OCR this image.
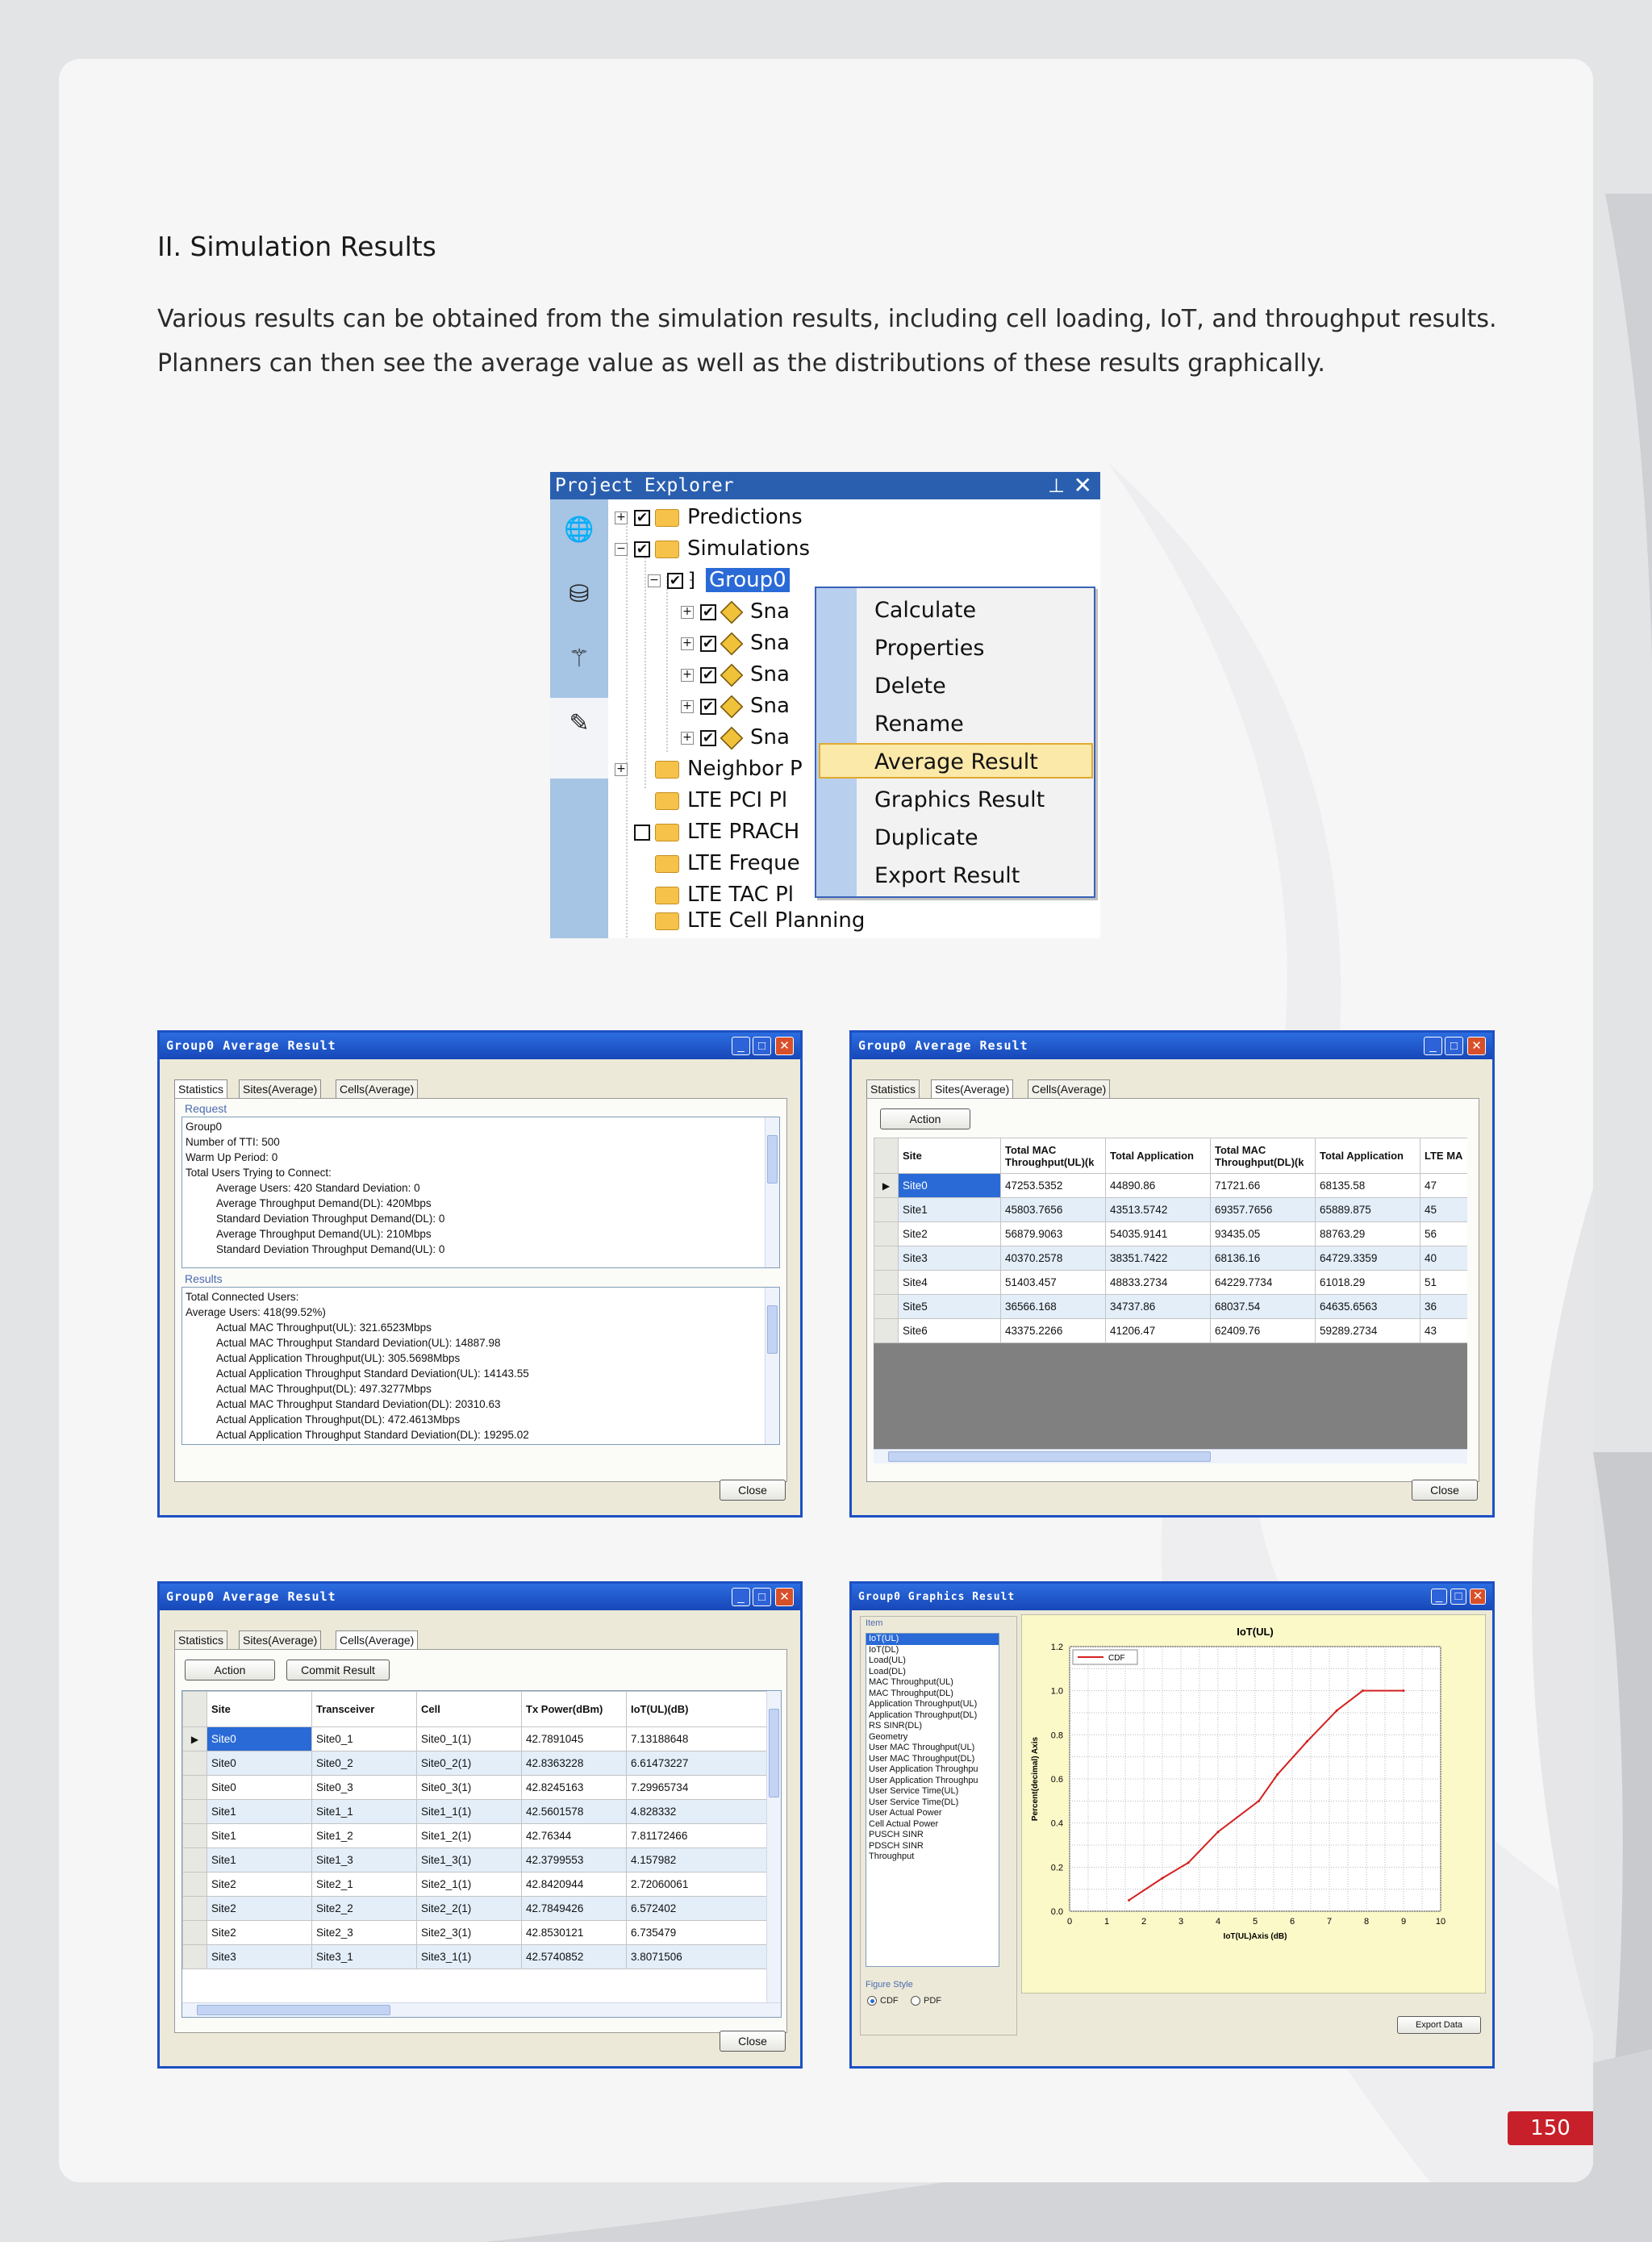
II. Simulation Results
Various results can be obtained from the simulation results, including cell loading, IoT, and throughput results. Planners can then see the average value as well as the distributions of these results graphically.
Project Explorer	⊥ ✕
🌐
⛁
⚚
✎
+ ✔ Predictions
− ✔ Simulations
− ✔ ⁆ Group0
+ ✔ Sna
+ ✔ Sna
+ ✔ Sna
+ ✔ Sna
+ ✔ Sna
+	Neighbor P
LTE PCI Pl
LTE PRACH
LTE Freque
LTE TAC Pl
LTE Cell Planning
Calculate
Properties
Delete
Rename
Average Result
Graphics Result
Duplicate
Export Result
Group0 Average Result	_	□	✕
Statistics	Sites(Average)	Cells(Average)
Request
Group0
Number of TTI: 500
Warm Up Period: 0
Total Users Trying to Connect:
Average Users: 420 Standard Deviation: 0
Average Throughput Demand(DL): 420Mbps
Standard Deviation Throughput Demand(DL): 0
Average Throughput Demand(UL): 210Mbps
Standard Deviation Throughput Demand(UL): 0
Results
Total Connected Users:
Average Users: 418(99.52%)
Actual MAC Throughput(UL): 321.6523Mbps
Actual MAC Throughput Standard Deviation(UL): 14887.98
Actual Application Throughput(UL): 305.5698Mbps
Actual Application Throughput Standard Deviation(UL): 14143.55
Actual MAC Throughput(DL): 497.3277Mbps
Actual MAC Throughput Standard Deviation(DL): 20310.63
Actual Application Throughput(DL): 472.4613Mbps
Actual Application Throughput Standard Deviation(DL): 19295.02
Close
Group0 Average Result	_	□	✕
Statistics	Sites(Average)	Cells(Average)
Action
	Site	Total MAC Throughput(UL)(k	Total Application	Total MAC Throughput(DL)(k	Total Application	LTE MA
▶	Site0	47253.5352	44890.86	71721.66	68135.58	47
	Site1	45803.7656	43513.5742	69357.7656	65889.875	45
	Site2	56879.9063	54035.9141	93435.05	88763.29	56
	Site3	40370.2578	38351.7422	68136.16	64729.3359	40
	Site4	51403.457	48833.2734	64229.7734	61018.29	51
	Site5	36566.168	34737.86	68037.54	64635.6563	36
	Site6	43375.2266	41206.47	62409.76	59289.2734	43
Close
Group0 Average Result	_	□	✕
Statistics	Sites(Average)	Cells(Average)
Action	Commit Result
	Site	Transceiver	Cell	Tx Power(dBm)	IoT(UL)(dB)
▶	Site0	Site0_1	Site0_1(1)	42.7891045	7.13188648
	Site0	Site0_2	Site0_2(1)	42.8363228	6.61473227
	Site0	Site0_3	Site0_3(1)	42.8245163	7.29965734
	Site1	Site1_1	Site1_1(1)	42.5601578	4.828332
	Site1	Site1_2	Site1_2(1)	42.76344	7.81172466
	Site1	Site1_3	Site1_3(1)	42.3799553	4.157982
	Site2	Site2_1	Site2_1(1)	42.8420944	2.72060061
	Site2	Site2_2	Site2_2(1)	42.7849426	6.572402
	Site2	Site2_3	Site2_3(1)	42.8530121	6.735479
	Site3	Site3_1	Site3_1(1)	42.5740852	3.8071506
Close
Group0 Graphics Result	_	□ ✕
Item
IoT(UL)
IoT(DL)
Load(UL)
Load(DL)
MAC Throughput(UL)
MAC Throughput(DL)
Application Throughput(UL)
Application Throughput(DL)
RS SINR(DL)
Geometry
User MAC Throughput(UL)
User MAC Throughput(DL)
User Application Throughpu
User Application Throughpu
User Service Time(UL)
User Service Time(DL)
User Actual Power
Cell Actual Power
PUSCH SINR
PDSCH SINR
Throughput
Figure Style
CDF	PDF
0	1	2	3	4	5	6	7	8	9	10
0.0
0.2
0.4
0.6
0.8
1.0
1.2
IoT(UL)
IoT(UL)Axis (dB)
Percent(decimal) Axis
CDF
Export Data
150
